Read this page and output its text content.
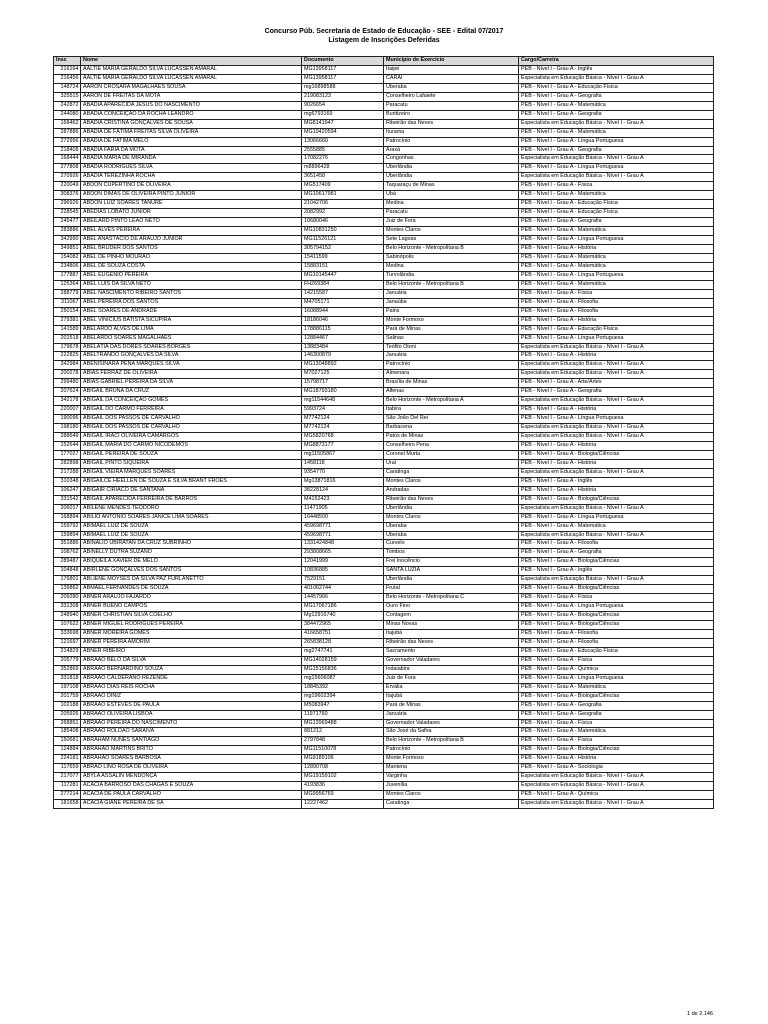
Concurso Púb. Secretaria de Estado de Educação - SEE - Edital 07/2017
Listagem de Inscrições Deferidas
Insc	Nome	Documento	Município de Exercício	Cargo/Carreira
216164	AALTIE MARIA GERALDO SILVA LUCASSEN AMARAL	MG13958117	Itaipé	PEB - Nível I - Grau A - Inglês
216456	AALTIE MARIA GERALDO SILVA LUCASSEN AMARAL	MG13958117	CARAÍ	Especialista em Educação Básica - Nível I - Grau A
148724	AARON CROSARA MAGALHÃES SOUSA	mg16898588	Uberaba	PEB - Nível I - Grau A - Educação Física
325515	AARON DE FREITAS DA MOTA	219083123	Conselheiro Lafaiete	PEB - Nível I - Grau A - Geografia
242872	ABADIA APARECIDA JESUS DO NASCIMENTO	9026654	Paracatu	PEB - Nível I - Grau A - Matemática
244080	ABADIA CONCEIÇÃO DA ROCHA LEANDRO	mg6793169	Buritizeiro	PEB - Nível I - Grau A - Geografia
168462	ABADIA CRISTINA GONÇALVES DE SOUSA	MG8141947	Ribeirão das Neves	Especialista em Educação Básica - Nível I - Grau A
287886	ABADIA DE FÁTIMA FREITAS SILVA OLIVEIRA	MG10420594	Iturama	PEB - Nível I - Grau A - Matemática
272956	ABADIA DE FATIMA MELO	13066660	Patrocínio	PEB - Nível I - Grau A - Língua Portuguesa
218408	ABADIA FARIA DA MOTA	2555885	Araxá	PEB - Nível I - Grau A - Geografia
168444	ABADIA MARIA DE MIRANDA	17082276	Congonhas	Especialista em Educação Básica - Nível I - Grau A
277808	ABADIA RODRIGUES SILVA	m8896428	Uberlândia	PEB - Nível I - Grau A - Língua Portuguesa
270926	ABADIA TEREZINHA ROCHA	3651458	Uberlândia	Especialista em Educação Básica - Nível I - Grau A
220049	ABDON CUPERTINO DE OLIVEIRA	MG517409	Taquaraçu de Minas	PEB - Nível I - Grau A - Física
308376	ABDON DIMAS DE OLIVEIRA PINTO JUNIOR	MG10617981	Ubá	PEB - Nível I - Grau A - Matemática
296926	ABDON LUIZ SOARES TANURE	21042706	Medina	PEB - Nível I - Grau A - Educação Física
228545	ABEDIAS LOBATO JUNIOR	2082992	Paracatu	PEB - Nível I - Grau A - Educação Física
245477	ABEILARD PINTO LEAO NETO	10680046	Juiz de Fora	PEB - Nível I - Grau A - Geografia
283886	ABEL ALVES PEREIRA	MG10831250	Montes Claros	PEB - Nível I - Grau A - Matemática
342990	ABEL ANASTÁCIO DE ARAÚJO JÚNIOR	MG11526121	Sete Lagoas	PEB - Nível I - Grau A - Língua Portuguesa
349851	ABEL BRUDER DOS SANTOS	305794152	Belo Horizonte - Metropolitana B	PEB - Nível I - Grau A - História
154082	ABEL DE PINHO MOURÃO	15411599	Sabinópolis	PEB - Nível I - Grau A - Matemática
234806	ABEL DE SOUZA COSTA	15883151	Medina	PEB - Nível I - Grau A - Matemática
177887	ABEL EUGÊNIO PEREIRA	MG10145447	Turvolândia	PEB - Nível I - Grau A - Língua Portuguesa
125364	ABEL LUIS DA SILVA NETO	FH269384	Belo Horizonte - Metropolitana B	PEB - Nível I - Grau A - Matemática
288779	ABEL NASCIMENTO RIBEIRO SANTOS	14215587	Januária	PEB - Nível I - Grau A - Física
311067	ABEL PEREIRA DOS SANTOS	M4705171	Janaúba	PEB - Nível I - Grau A - Filosofia
250154	ABEL SOARES DE ANDRADE	16088944	Pains	PEB - Nível I - Grau A - Filosofia
279381	ABEL VINICIUS BATISTA SICUPIRA	18186046	Monte Formoso	PEB - Nível I - Grau A - História
141589	ABELARDO ALVES DE LIMA	178886115	Pará de Minas	PEB - Nível I - Grau A - Educação Física
201518	ABELARDO SOARES MAGALHÃES	12884467	Salinas	PEB - Nível I - Grau A - Língua Portuguesa
179678	ABELÁTIA DAS DORES SOARES BORGES	13883484	Teófilo Otoni	Especialista em Educação Básica - Nível I - Grau A
222825	ABELTRANDO GONÇALVES DA SILVA	146300879	Januária	PEB - Nível I - Grau A - História
342984	ABENISINARA PENA MARQUES SILVA	MG13048892	Patrocínio	Especialista em Educação Básica - Nível I - Grau A
200278	ABIAS FERRAZ DE OLIVEIRA	M7027125	Almenara	Especialista em Educação Básica - Nível I - Grau A
299480	ABIAS GABRIEL PEREIRA DA SILVA	15798717	Brasília de Minas	PEB - Nível I - Grau A - Arte/Artes
207624	ABIGAIL BRUNA DA CRUZ	MG18793180	Alfenas	PEB - Nível I - Grau A - Geografia
342178	ABIGAIL DA CONCEIÇÃO GOMES	mg11544648	Belo Horizonte - Metropolitana A	Especialista em Educação Básica - Nível I - Grau A
220007	ABIGAIL DO CARMO FERREIRA	5993724	Itabira	PEB - Nível I - Grau A - História
190096	ABIGAIL DOS PASSOS DE CARVALHO	M7742124	São João Del Rei	PEB - Nível I - Grau A - Língua Portuguesa
198180	ABIGAIL DOS PASSOS DE CARVALHO	M7742124	Barbacena	Especialista em Educação Básica - Nível I - Grau A
288649	ABIGAIL IRACI OLIVEIRA CAMARGOS	MG5820768	Patos de Minas	Especialista em Educação Básica - Nível I - Grau A
152644	ABIGAIL MARIA DO CARMO NICODEMOS	MG8873177	Conselheiro Pena	PEB - Nível I - Grau A - História
177027	ABIGAIL PEREIRA DE SOUZA	mg11505867	Coronel Murta	PEB - Nível I - Grau A - Biologia/Ciências
282898	ABIGAIL PINTO SIQUEIRA	1458118	Uraí	PEB - Nível I - Grau A - História
217288	ABIGAIL VIEIRA MARQUES SOARES	9354770	Caratinga	Especialista em Educação Básica - Nível I - Grau A
310348	ABIGAILCE HEELLEN DE SOUZA E SILVA BRANT FRÓES	Mg13871816	Montes Claros	PEB - Nível I - Grau A - Inglês
106247	ABIGAIR CIRIACO DE SANTANA	38228124	Andradas	PEB - Nível I - Grau A - História
331542	ABIGAIL APARECIDA FERREIRA DE BARROS	M4152423	Ribeirão das Neves	PEB - Nível I - Grau A - Biologia/Ciências
206017	ABILENE MENDES TEODORO	11471905	Uberlândia	Especialista em Educação Básica - Nível I - Grau A
168894	ABILIO ANTONIO SOARES JANICE LIMA SOARES	16448500	Montes Claros	PEB - Nível I - Grau A - Língua Portuguesa
159792	ABIMAEL LUIZ DE SOUZA	459698771	Uberaba	PEB - Nível I - Grau A - Matemática
159894	ABIMAEL LUIZ DE SOUZA	459698771	Uberaba	Especialista em Educação Básica - Nível I - Grau A
351886	ABINALIO UBIRATAN DA CRUZ SUBRINHO	1331424848	Curvelo	PEB - Nível I - Grau A - Filosofia
108762	ABINELLY DUTRA SUZANO	293808665	Tombos	PEB - Nível I - Grau A - Geografia
289487	ABIQUEILA XAVIER DE MELO	12041999	Frei Inocêncio	PEB - Nível I - Grau A - Biologia/Ciências
104848	ABIRLENE GONÇALVES DOS SANTOS	10836885	SANTA LUZIA	PEB - Nível I - Grau A - Inglês
176801	ABLIENE MOYSÉS DA SILVA PAZ FURLANETTO	7529151	Uberlândia	Especialista em Educação Básica - Nível I - Grau A
139862	ABMAEL FERNANDES DE SOUZA	401062744	Frutal	PEB - Nível I - Grau A - Biologia/Ciências
209280	ABNER ARAUJO FAJARDO	14457966	Belo Horizonte - Metropolitana C	PEB - Nível I - Grau A - Física
331308	ABNER BUENO CAMPOS	MG17067186	Ouro Fino	PEB - Nível I - Grau A - Língua Portuguesa
248940	ABNER CHRISTIAN SILVA COELHO	Mg12916740	Contagem	PEB - Nível I - Grau A - Biologia/Ciências
107622	ABNER MIGUEL RODRIGUES PEREIRA	384472965	Minas Novas	PEB - Nível I - Grau A - Biologia/Ciências
333698	ABNER MOREIRA GOMES	416658751	Itajubá	PEB - Nível I - Grau A - Filosofia
121697	ABNER PEREIRA AMORIM	265838128	Ribeirão das Neves	PEB - Nível I - Grau A - Filosofia
214829	ABNER RIBEIRO	mg2747741	Sacramento	PEB - Nível I - Grau A - Educação Física
205779	ABRAÃO BELO DA SILVA	MG14028159	Governador Valadares	PEB - Nível I - Grau A - Física
352869	ABRAÃO BERNARDINO SOUZA	MG15156836	Indaiabira	PEB - Nível I - Grau A - Química
331818	ABRAÃO CALDERANO REZENDE	mg15606087	Juiz de Fora	PEB - Nível I - Grau A - Língua Portuguesa
197108	ABRAÃO DIAS REIS ROCHA	18845392	Ervália	PEB - Nível I - Grau A - Matemática
201759	ABRAÃO DINIZ	mg19602394	Itajubá	PEB - Nível I - Grau A - Biologia/Ciências
102188	ABRAÃO ESTEVES DE PAULA	M5083947	Pará de Minas	PEB - Nível I - Grau A - Geografia
205926	ABRAÃO OLIVEIRA LISBOA	11971760	Januária	PEB - Nível I - Grau A - Geografia
268851	ABRAÃO PEREIRA DO NASCIMENTO	MG13969488	Governador Valadares	PEB - Nível I - Grau A - Física
185408	ABRAÃO ROLDÃO SARAIVA	881212	São José da Safira	PEB - Nível I - Grau A - Matemática
150681	ABRAHAM NUNES SANTIAGO	2797848	Belo Horizonte - Metropolitana B	PEB - Nível I - Grau A - Física
124884	ABRAHÃO MARTINS BRITO	MG11510078	Patrocínio	PEB - Nível I - Grau A - Biologia/Ciências
224181	ABRAHÃO SOARES BARBOSA	MG9189106	Monte Formoso	PEB - Nível I - Grau A - História
117659	ABRAO LINO ROSA DE OLIVEIRA	12890708	Mantena	PEB - Nível I - Grau A - Sociologia
217077	ABYLA ASSALIN MENDONÇA	MG19159102	Varginha	Especialista em Educação Básica - Nível I - Grau A
117281	ACÁCIA BARROSO DAS CHAGAS E SOUZA	4193836	Juvenília	Especialista em Educação Básica - Nível I - Grau A
277214	ACÁCIA DE PAULA CARVALHO	MG9956769	Montes Claros	PEB - Nível I - Grau A - Química
181658	ACACIA GIANE PEREIRA DE SÁ	12227462	Caratinga	Especialista em Educação Básica - Nível I - Grau A
1 de 2.146
